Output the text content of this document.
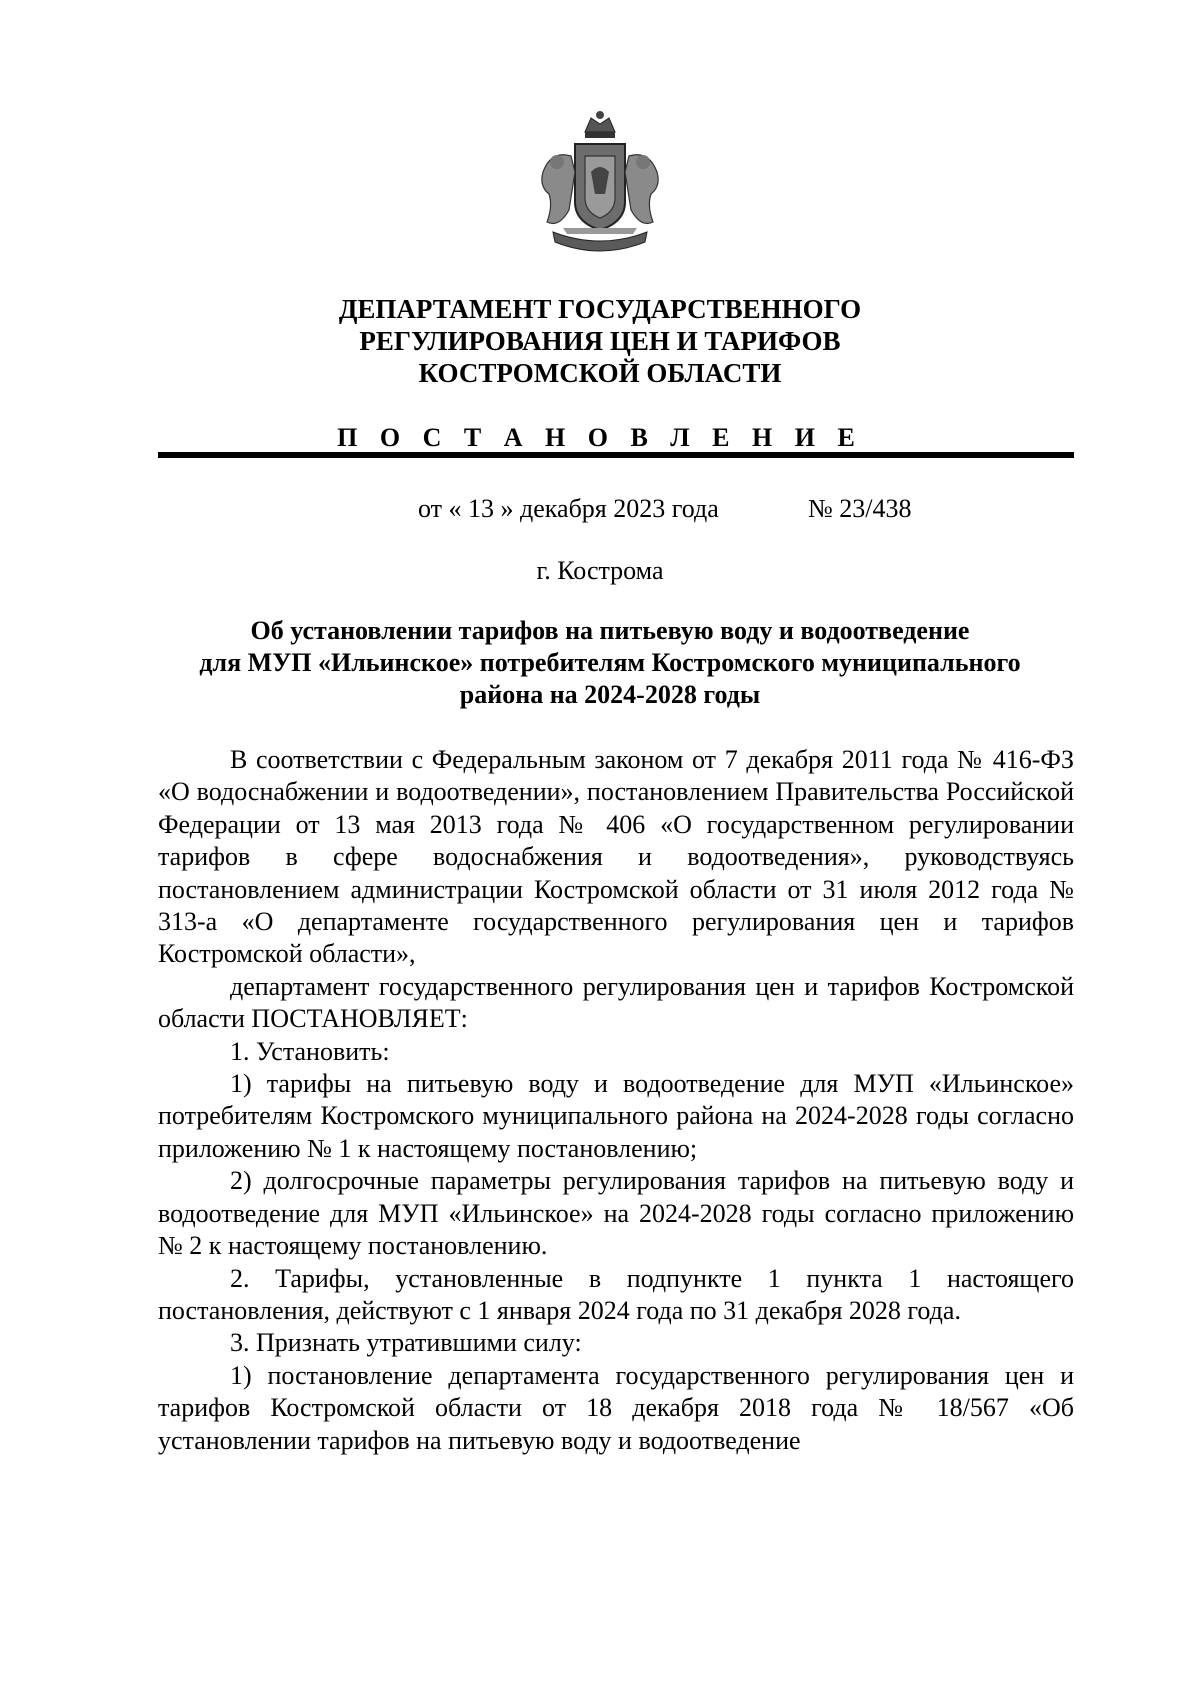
ДЕПАРТАМЕНТ ГОСУДАРСТВЕННОГО
РЕГУЛИРОВАНИЯ ЦЕН И ТАРИФОВ
КОСТРОМСКОЙ ОБЛАСТИ
П О С Т А Н О В Л Е Н И Е
от « 13 » декабря 2023 года	№ 23/438
г. Кострома
Об установлении тарифов на питьевую воду и водоотведение
для МУП «Ильинское» потребителям Костромского муниципального
района на 2024-2028 годы

В соответствии с Федеральным законом от 7 декабря 2011 года № 416-ФЗ «О водоснабжении и водоотведении», постановлением Правительства Российской Федерации от 13 мая 2013 года № 406 «О государственном регулировании тарифов в сфере водоснабжения и водоотведения», руководствуясь постановлением администрации Костромской области от 31 июля 2012 года № 313-а «О департаменте государственного регулирования цен и тарифов Костромской области»,

департамент государственного регулирования цен и тарифов Костромской области ПОСТАНОВЛЯЕТ:

1. Установить:

1) тарифы на питьевую воду и водоотведение для МУП «Ильинское» потребителям Костромского муниципального района на 2024-2028 годы согласно приложению № 1 к настоящему постановлению;

2) долгосрочные параметры регулирования тарифов на питьевую воду и водоотведение для МУП «Ильинское» на 2024-2028 годы согласно приложению № 2 к настоящему постановлению.

2. Тарифы, установленные в подпункте 1 пункта 1 настоящего постановления, действуют с 1 января 2024 года по 31 декабря 2028 года.

3. Признать утратившими силу:

1) постановление департамента государственного регулирования цен и тарифов Костромской области от 18 декабря 2018 года № 18/567 «Об установлении тарифов на питьевую воду и водоотведение
